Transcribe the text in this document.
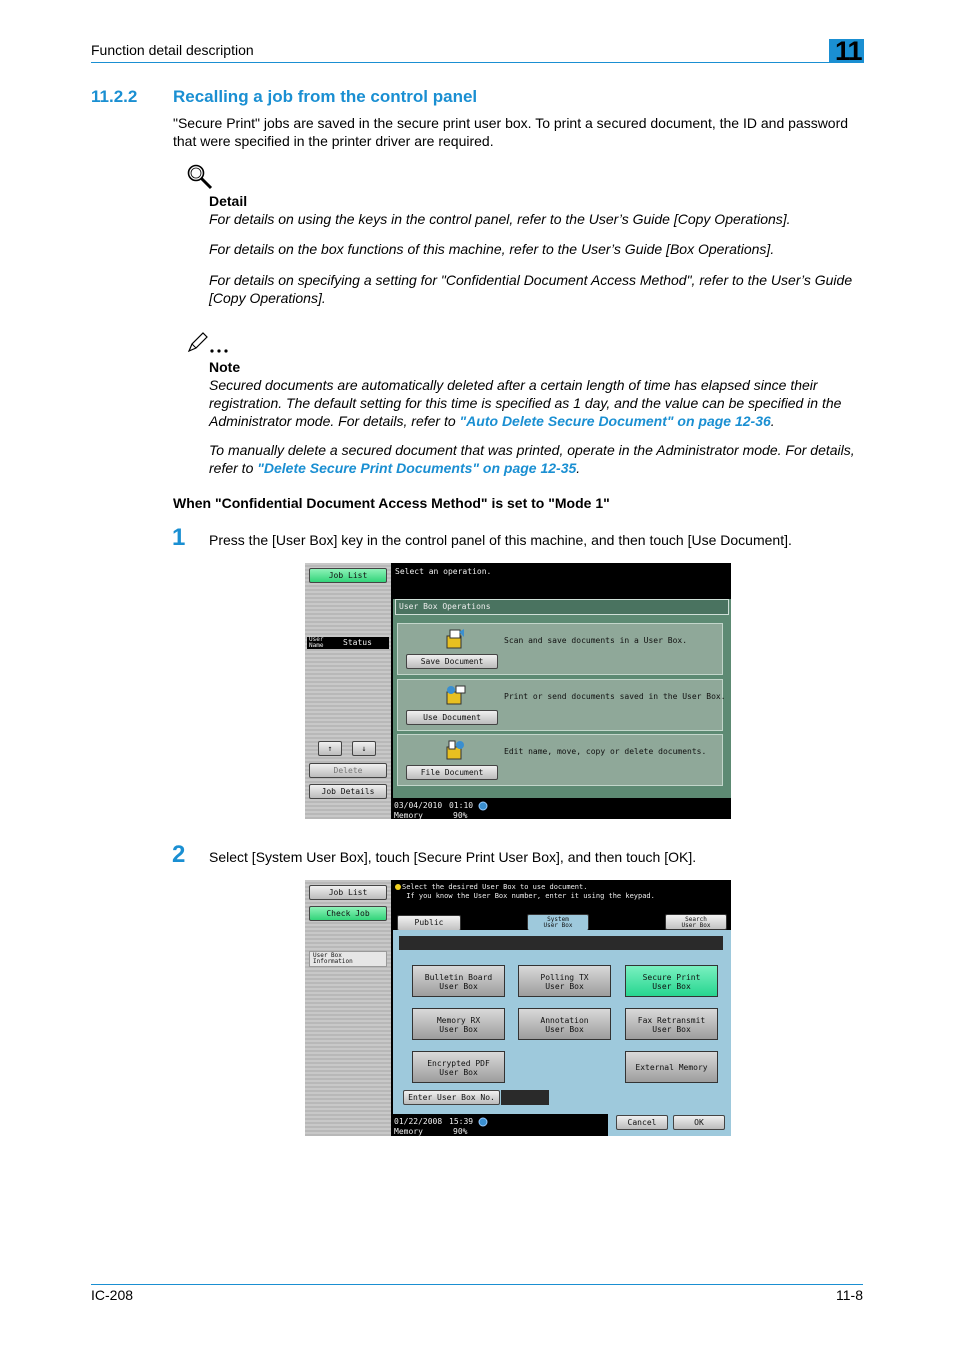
Function detail description	11
11.2.2 Recalling a job from the control panel
"Secure Print" jobs are saved in the secure print user box. To print a secured document, the ID and password that were specified in the printer driver are required.
Detail
For details on using the keys in the control panel, refer to the User’s Guide [Copy Operations].
For details on the box functions of this machine, refer to the User’s Guide [Box Operations].
For details on specifying a setting for "Confidential Document Access Method", refer to the User’s Guide [Copy Operations].
Note
Secured documents are automatically deleted after a certain length of time has elapsed since their registration. The default setting for this time is specified as 1 day, and the value can be specified in the Administrator mode. For details, refer to "Auto Delete Secure Document" on page 12-36.
To manually delete a secured document that was printed, operate in the Administrator mode. For details, refer to "Delete Secure Print Documents" on page 12-35.
When "Confidential Document Access Method" is set to "Mode 1"
1 Press the [User Box] key in the control panel of this machine, and then touch [Use Document].
Job List
User
Name Status
↑	↓
Delete
Job Details
Select an operation.
User Box Operations
Save Document
Scan and save documents in a User Box.
Use Document
Print or send documents saved in the User Box.
File Document
Edit name, move, copy or delete documents.
03/04/2010 01:10
Memory	90%
2 Select [System User Box], touch [Secure Print User Box], and then touch [OK].
Job List
Check Job
User Box
Information
Select the desired User Box to use document.
If you know the User Box number, enter it using the keypad.
Public	System
User Box
Search
User Box
Bulletin Board
User Box
Polling TX
User Box
Secure Print
User Box
Memory RX
User Box
Annotation
User Box
Fax Retransmit
User Box
Encrypted PDF
User Box
External Memory
Enter User Box No.
01/22/2008 15:39
Memory	90%
Cancel	OK
IC-208	11-8
